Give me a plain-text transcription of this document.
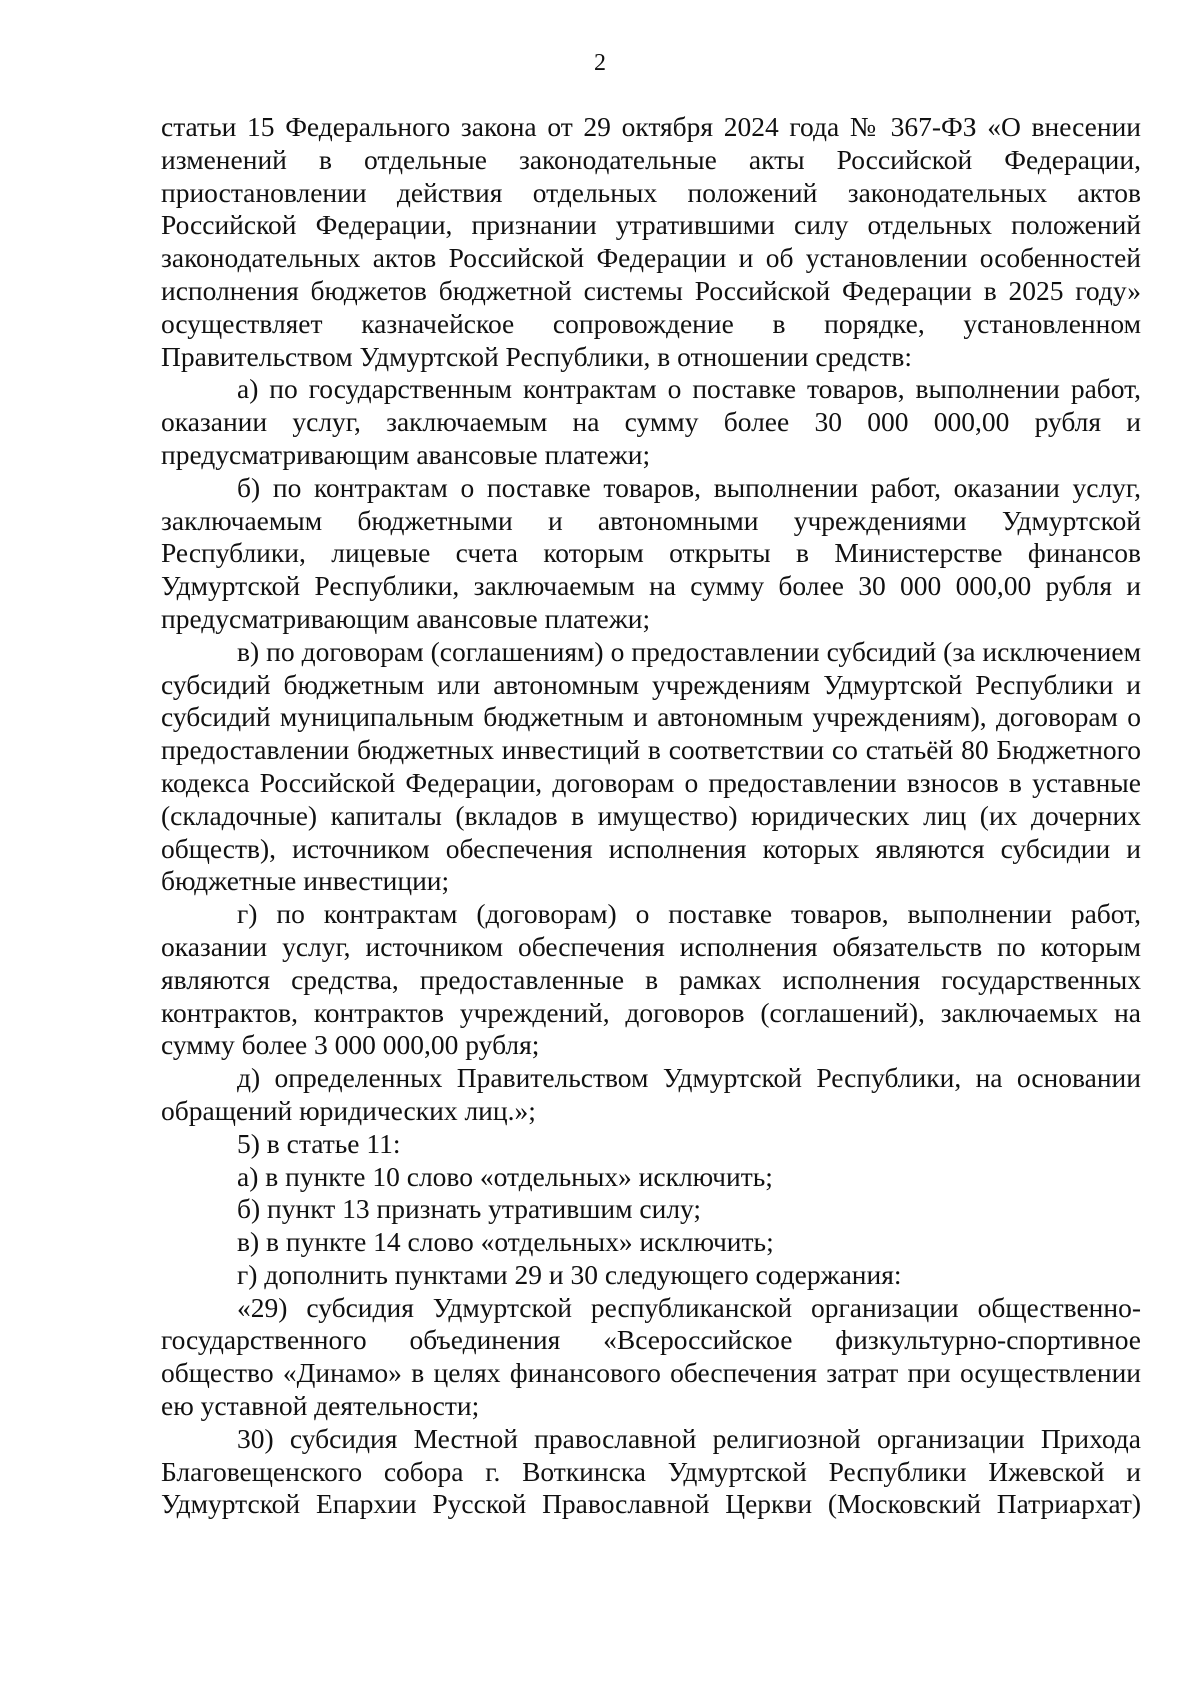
2

статьи 15 Федерального закона от 29 октября 2024 года № 367-ФЗ «О внесении изменений в отдельные законодательные акты Российской Федерации, приостановлении действия отдельных положений законодательных актов Российской Федерации, признании утратившими силу отдельных положений законодательных актов Российской Федерации и об установлении особенностей исполнения бюджетов бюджетной системы Российской Федерации в 2025 году» осуществляет казначейское сопровождение в порядке, установленном Правительством Удмуртской Республики, в отношении средств:

а) по государственным контрактам о поставке товаров, выполнении работ, оказании услуг, заключаемым на сумму более 30 000 000,00 рубля и предусматривающим авансовые платежи;

б) по контрактам о поставке товаров, выполнении работ, оказании услуг, заключаемым бюджетными и автономными учреждениями Удмуртской Республики, лицевые счета которым открыты в Министерстве финансов Удмуртской Республики, заключаемым на сумму более 30 000 000,00 рубля и предусматривающим авансовые платежи;

в) по договорам (соглашениям) о предоставлении субсидий (за исключением субсидий бюджетным или автономным учреждениям Удмуртской Республики и субсидий муниципальным бюджетным и автономным учреждениям), договорам о предоставлении бюджетных инвестиций в соответствии со статьёй 80 Бюджетного кодекса Российской Федерации, договорам о предоставлении взносов в уставные (складочные) капиталы (вкладов в имущество) юридических лиц (их дочерних обществ), источником обеспечения исполнения которых являются субсидии и бюджетные инвестиции;

г) по контрактам (договорам) о поставке товаров, выполнении работ, оказании услуг, источником обеспечения исполнения обязательств по которым являются средства, предоставленные в рамках исполнения государственных контрактов, контрактов учреждений, договоров (соглашений), заключаемых на сумму более 3 000 000,00 рубля;

д) определенных Правительством Удмуртской Республики, на основании обращений юридических лиц.»;

5) в статье 11:

а) в пункте 10 слово «отдельных» исключить;

б) пункт 13 признать утратившим силу;

в) в пункте 14 слово «отдельных» исключить;

г) дополнить пунктами 29 и 30 следующего содержания:

«29) субсидия Удмуртской республиканской организации общественно-государственного объединения «Всероссийское физкультурно-спортивное общество «Динамо» в целях финансового обеспечения затрат при осуществлении ею уставной деятельности;

30) субсидия Местной православной религиозной организации Прихода Благовещенского собора г. Воткинска Удмуртской Республики Ижевской и Удмуртской Епархии Русской Православной Церкви (Московский Патриархат)
